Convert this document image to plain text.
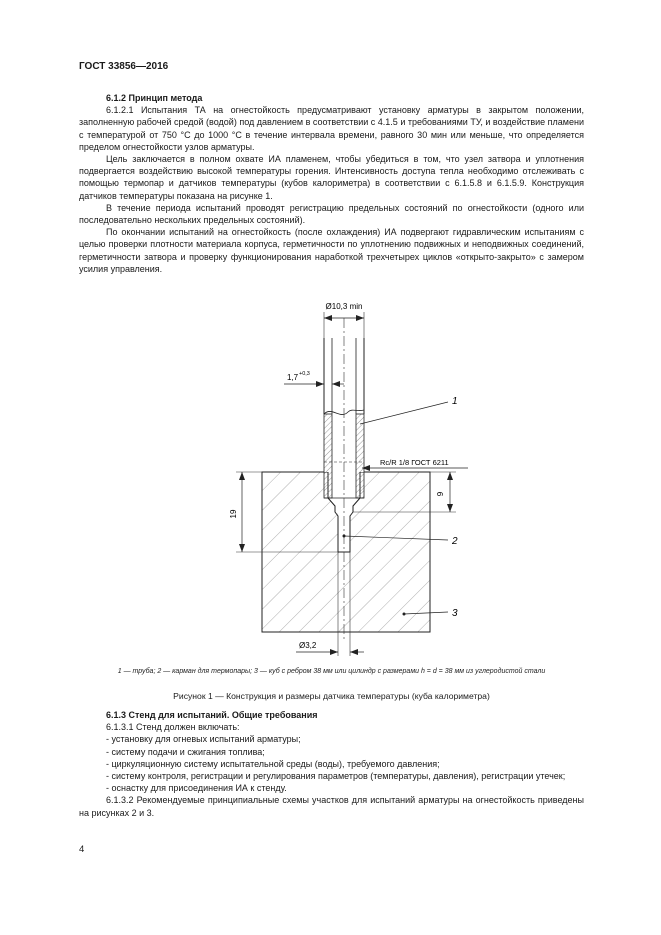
ГОСТ 33856—2016

6.1.2 Принцип метода

6.1.2.1 Испытания ТА на огнестойкость предусматривают установку арматуры в закрытом положении, заполненную рабочей средой (водой) под давлением в соответствии с 4.1.5 и требованиями ТУ, и воздействие пламени с температурой от 750 °С до 1000 °С в течение интервала времени, равного 30 мин или меньше, что определяется пределом огнестойкости узлов арматуры.

Цель заключается в полном охвате ИА пламенем, чтобы убедиться в том, что узел затвора и уплотнения подвергается воздействию высокой температуры горения. Интенсивность доступа тепла необходимо отслеживать с помощью термопар и датчиков температуры (кубов калориметра) в соответствии с 6.1.5.8 и 6.1.5.9. Конструкция датчиков температуры показана на рисунке 1.

В течение периода испытаний проводят регистрацию предельных состояний по огнестойкости (одного или последовательно нескольких предельных состояний).

По окончании испытаний на огнестойкость (после охлаждения) ИА подвергают гидравлическим испытаниям с целью проверки плотности материала корпуса, герметичности по уплотнению подвижных и неподвижных соединений, герметичности затвора и проверку функционирования наработкой трехчетырех циклов «открыто-закрыто» с замером усилия управления.

19
9
Ø10,3 min
1,7 +0,3
Rc/R 1/8 ГОСТ 6211
1
2
3
Ø3,2
1 — труба; 2 — карман для термопары; 3 — куб с ребром 38 мм или цилиндр с размерами h = d = 38 мм из углеродистой стали
Рисунок 1 — Конструкция и размеры датчика температуры (куба калориметра)

6.1.3 Стенд для испытаний. Общие требования

6.1.3.1 Стенд должен включать:

- установку для огневых испытаний арматуры;

- систему подачи и сжигания топлива;

- циркуляционную систему испытательной среды (воды), требуемого давления;

- систему контроля, регистрации и регулирования параметров (температуры, давления), регистрации утечек;

- оснастку для присоединения ИА к стенду.

6.1.3.2 Рекомендуемые принципиальные схемы участков для испытаний арматуры на огнестойкость приведены на рисунках 2 и 3.

4
